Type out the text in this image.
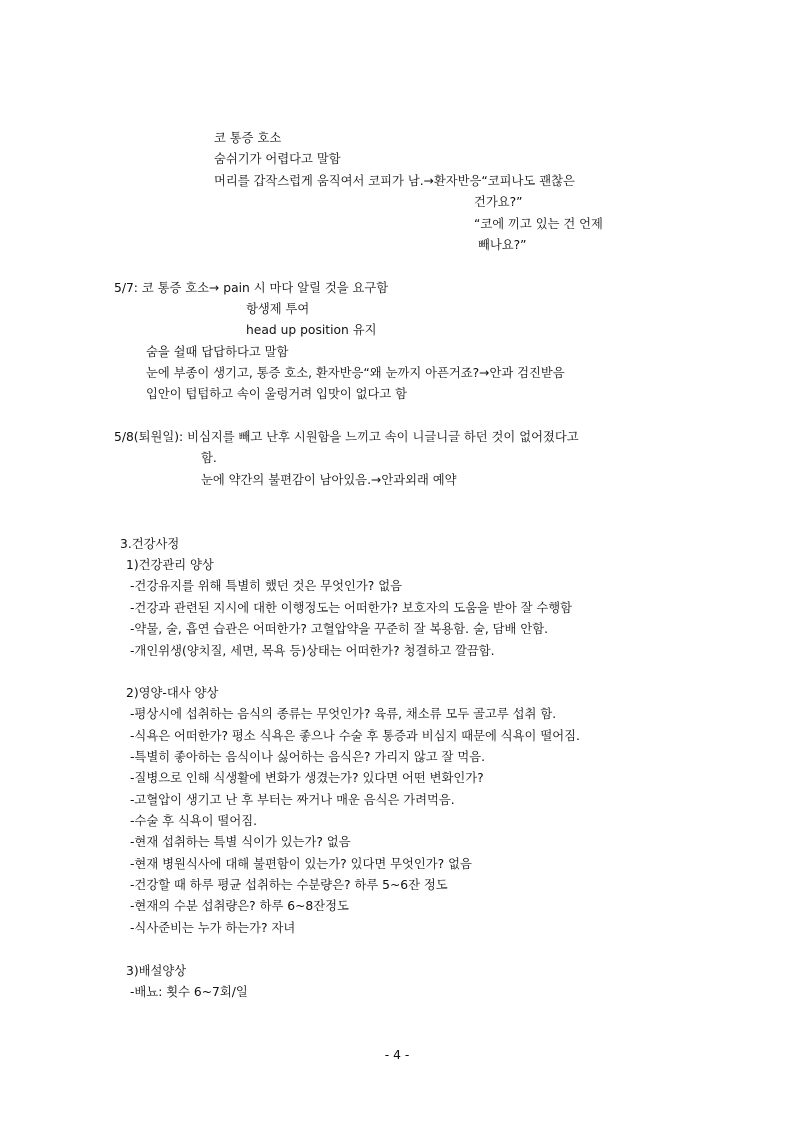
코 통증 호소
숨쉬기가 어렵다고 말함
머리를 갑작스럽게 움직여서 코피가 남.→환자반응“코피나도 괜찮은
건가요?”
“코에 끼고 있는 건 언제
빼나요?”
5/7: 코 통증 호소→ pain 시 마다 알릴 것을 요구함
항생제 투여
head up position 유지
숨을 쉴때 답답하다고 말함
눈에 부종이 생기고, 통증 호소, 환자반응“왜 눈까지 아픈거죠?→안과 검진받음
입안이 텁텁하고 속이 울렁거려 입맛이 없다고 함
5/8(퇴원일): 비심지를 빼고 난후 시원함을 느끼고 속이 니글니글 하던 것이 없어졌다고
함.
눈에 약간의 불편감이 남아있음.→안과외래 예약
3.건강사정
1)건강관리 양상
-건강유지를 위해 특별히 했던 것은 무엇인가? 없음
-건강과 관련된 지시에 대한 이행정도는 어떠한가? 보호자의 도움을 받아 잘 수행함
-약물, 술, 흡연 습관은 어떠한가? 고혈압약을 꾸준히 잘 복용함. 술, 담배 안함.
-개인위생(양치질, 세면, 목욕 등)상태는 어떠한가? 청결하고 깔끔함.
2)영양-대사 양상
-평상시에 섭취하는 음식의 종류는 무엇인가? 육류, 채소류 모두 골고루 섭취 함.
-식욕은 어떠한가? 평소 식욕은 좋으나 수술 후 통증과 비심지 때문에 식욕이 떨어짐.
-특별히 좋아하는 음식이나 싫어하는 음식은? 가리지 않고 잘 먹음.
-질병으로 인해 식생활에 변화가 생겼는가? 있다면 어떤 변화인가?
-고혈압이 생기고 난 후 부터는 짜거나 매운 음식은 가려먹음.
-수술 후 식욕이 떨어짐.
-현재 섭취하는 특별 식이가 있는가? 없음
-현재 병원식사에 대해 불편함이 있는가? 있다면 무엇인가? 없음
-건강할 때 하루 평균 섭취하는 수분량은? 하루 5~6잔 정도
-현재의 수분 섭취량은? 하루 6~8잔정도
-식사준비는 누가 하는가? 자녀
3)배설양상
-배뇨: 횟수 6~7회/일
- 4 -
